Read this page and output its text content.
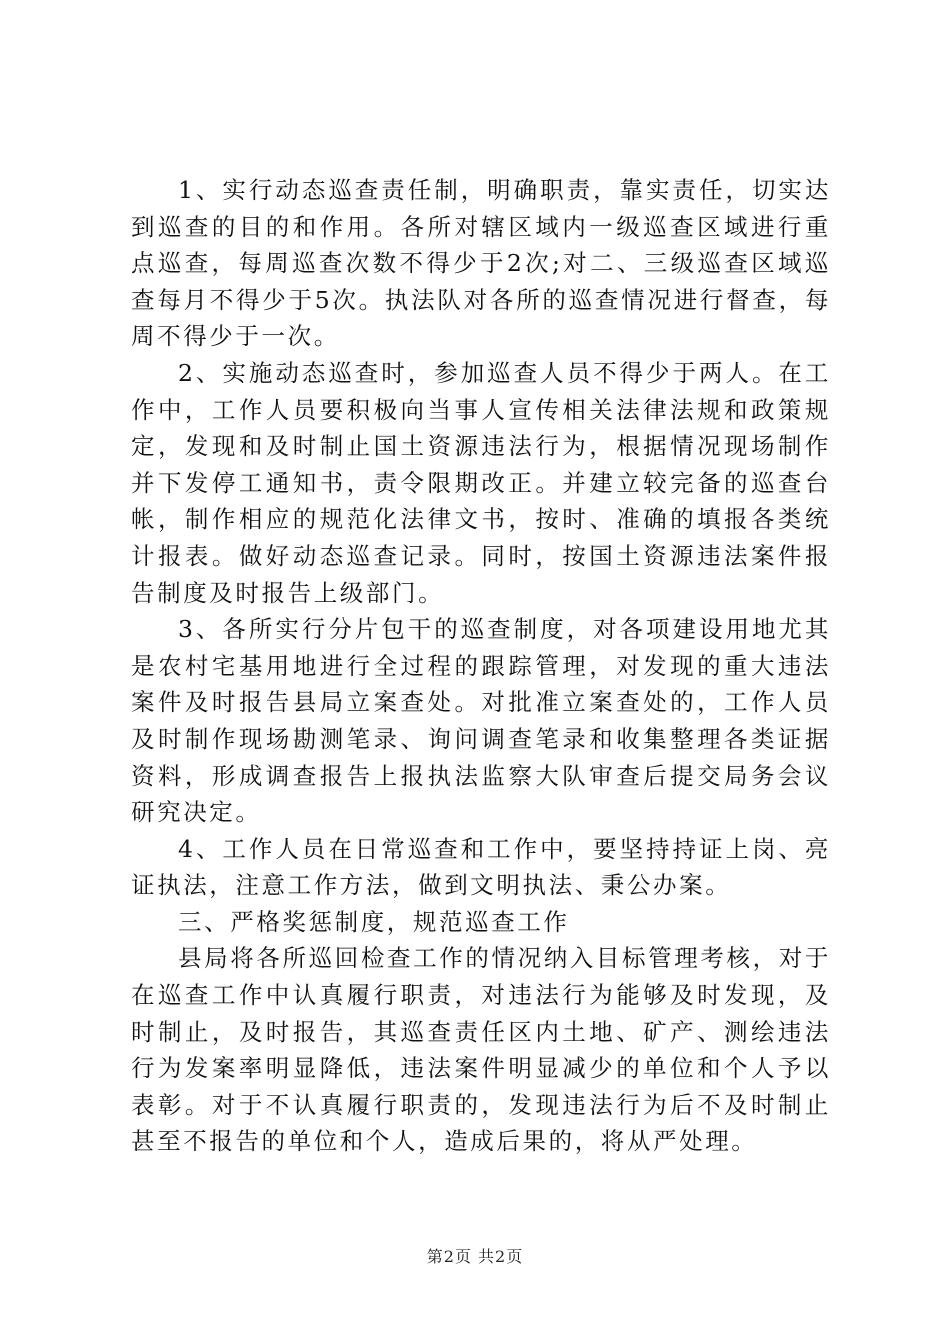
1、实行动态巡查责任制，明确职责，靠实责任，切实达到巡查的目的和作用。各所对辖区域内一级巡查区域进行重点巡查，每周巡查次数不得少于2次;对二、三级巡查区域巡查每月不得少于5次。执法队对各所的巡查情况进行督查，每周不得少于一次。

2、实施动态巡查时，参加巡查人员不得少于两人。在工作中，工作人员要积极向当事人宣传相关法律法规和政策规定，发现和及时制止国土资源违法行为，根据情况现场制作并下发停工通知书，责令限期改正。并建立较完备的巡查台帐，制作相应的规范化法律文书，按时、准确的填报各类统计报表。做好动态巡查记录。同时，按国土资源违法案件报告制度及时报告上级部门。

3、各所实行分片包干的巡查制度，对各项建设用地尤其是农村宅基用地进行全过程的跟踪管理，对发现的重大违法案件及时报告县局立案查处。对批准立案查处的，工作人员及时制作现场勘测笔录、询问调查笔录和收集整理各类证据资料，形成调查报告上报执法监察大队审查后提交局务会议研究决定。

4、工作人员在日常巡查和工作中，要坚持持证上岗、亮证执法，注意工作方法，做到文明执法、秉公办案。

三、严格奖惩制度，规范巡查工作

县局将各所巡回检查工作的情况纳入目标管理考核，对于在巡查工作中认真履行职责，对违法行为能够及时发现，及时制止，及时报告，其巡查责任区内土地、矿产、测绘违法行为发案率明显降低，违法案件明显减少的单位和个人予以表彰。对于不认真履行职责的，发现违法行为后不及时制止甚至不报告的单位和个人，造成后果的，将从严处理。

第2页 共2页
